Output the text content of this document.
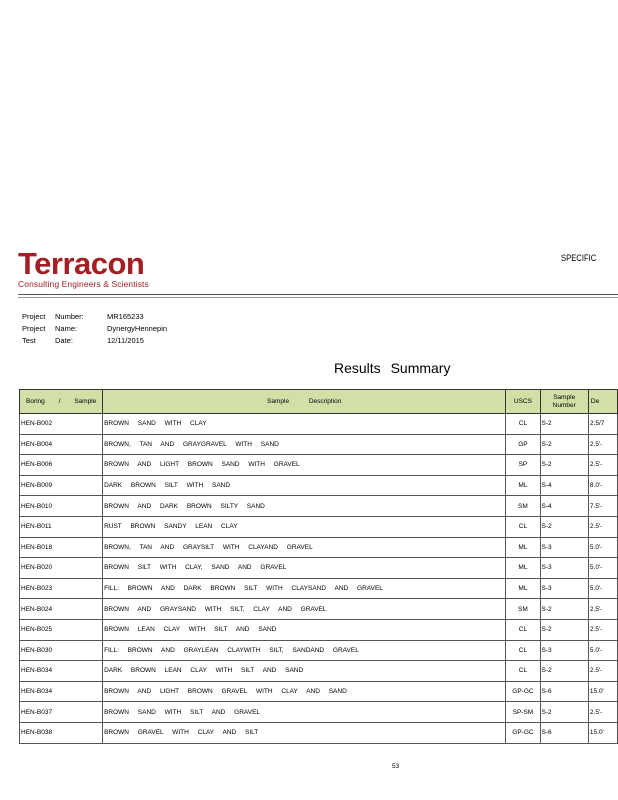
Terracon
Consulting Engineers & Scientists
SPECIFIC
Project Number:	MR165233
Project Name:	DynergyHennepin
Test	Date:	12/11/2015
Results Summary
Boring / Sample	Sample Description	USCS	Sample Number	De
HEN-B002	BROWN SAND WITH CLAY	CL	S-2	2.5/7
HEN-B004	BROWN, TAN AND GRAYGRAVEL WITH SAND	GP	S-2	2.5'-
HEN-B006	BROWN AND LIGHT BROWN SAND WITH GRAVEL	SP	S-2	2.5'-
HEN-B009	DARK BROWN SILT WITH SAND	ML	S-4	8.0'-
HEN-B010	BROWN AND DARK BROWN SILTY SAND	SM	S-4	7.5'-
HEN-B011	RUST BROWN SANDY LEAN CLAY	CL	S-2	2.5'-
HEN-B018	BROWN, TAN AND GRAYSILT WITH CLAYAND GRAVEL	ML	S-3	5.0'-
HEN-B020	BROWN SILT WITH CLAY, SAND AND GRAVEL	ML	S-3	5.0'-
HEN-B023	FILL: BROWN AND DARK BROWN SILT WITH CLAYSAND AND GRAVEL	ML	S-3	5.0'-
HEN-B024	BROWN AND GRAYSAND WITH SILT, CLAY AND GRAVEL	SM	S-2	2.5'-
HEN-B025	BROWN LEAN CLAY WITH SILT AND SAND	CL	S-2	2.5'-
HEN-B030	FILL: BROWN AND GRAYLEAN CLAYWITH SILT, SANDAND GRAVEL	CL	S-3	5.0'-
HEN-B034	DARK BROWN LEAN CLAY WITH SILT AND SAND	CL	S-2	2.5'-
HEN-B034	BROWN AND LIGHT BROWN GRAVEL WITH CLAY AND SAND	GP-GC	S-6	15.0'
HEN-B037	BROWN SAND WITH SILT AND GRAVEL	SP-SM	S-2	2.5'-
HEN-B038	BROWN GRAVEL WITH CLAY AND SILT	GP-GC	S-6	15.0'
53
